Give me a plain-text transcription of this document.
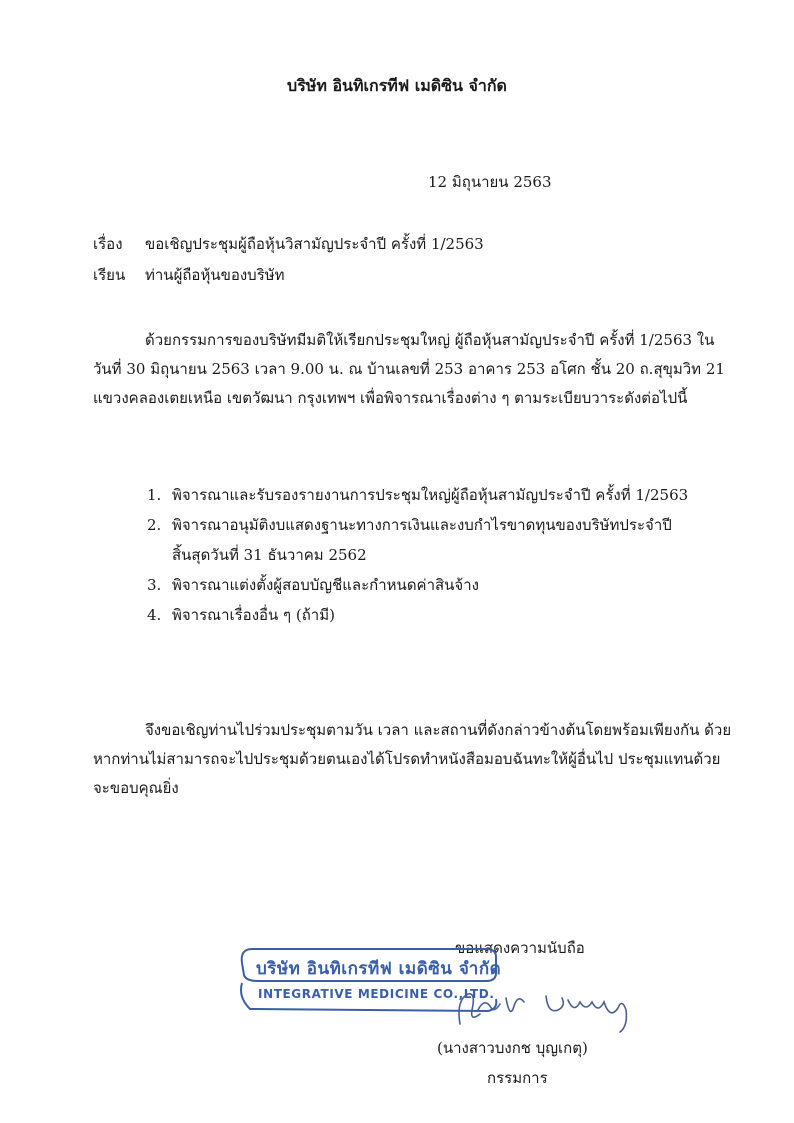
บริษัท อินทิเกรทีฟ เมดิซิน จำกัด
12 มิถุนายน 2563
เรื่อง ขอเชิญประชุมผู้ถือหุ้นวิสามัญประจำปี ครั้งที่ 1/2563
เรียน ท่านผู้ถือหุ้นของบริษัท
ด้วยกรรมการของบริษัทมีมติให้เรียกประชุมใหญ่ ผู้ถือหุ้นสามัญประจำปี ครั้งที่ 1/2563 ในวันที่ 30 มิถุนายน 2563 เวลา 9.00 น. ณ บ้านเลขที่ 253 อาคาร 253 อโศก ชั้น 20 ถ.สุขุมวิท 21 แขวงคลองเตยเหนือ เขตวัฒนา กรุงเทพฯ เพื่อพิจารณาเรื่องต่าง ๆ ตามระเบียบวาระดังต่อไปนี้
1. พิจารณาและรับรองรายงานการประชุมใหญ่ผู้ถือหุ้นสามัญประจำปี ครั้งที่ 1/2563
2. พิจารณาอนุมัติงบแสดงฐานะทางการเงินและงบกำไรขาดทุนของบริษัทประจำปี
สิ้นสุดวันที่ 31 ธันวาคม 2562
3. พิจารณาแต่งตั้งผู้สอบบัญชีและกำหนดค่าสินจ้าง
4. พิจารณาเรื่องอื่น ๆ (ถ้ามี)
จึงขอเชิญท่านไปร่วมประชุมตามวัน เวลา และสถานที่ดังกล่าวข้างต้นโดยพร้อมเพียงกัน ด้วย หากท่านไม่สามารถจะไปประชุมด้วยตนเองได้โปรดทำหนังสือมอบฉันทะให้ผู้อื่นไป ประชุมแทนด้วย จะขอบคุณยิ่ง
ขอแสดงความนับถือ
บริษัท อินทิเกรทีฟ เมดิซิน จำกัด
INTEGRATIVE MEDICINE CO.,LTD.
(นางสาวบงกช บุญเกตุ)
กรรมการ
